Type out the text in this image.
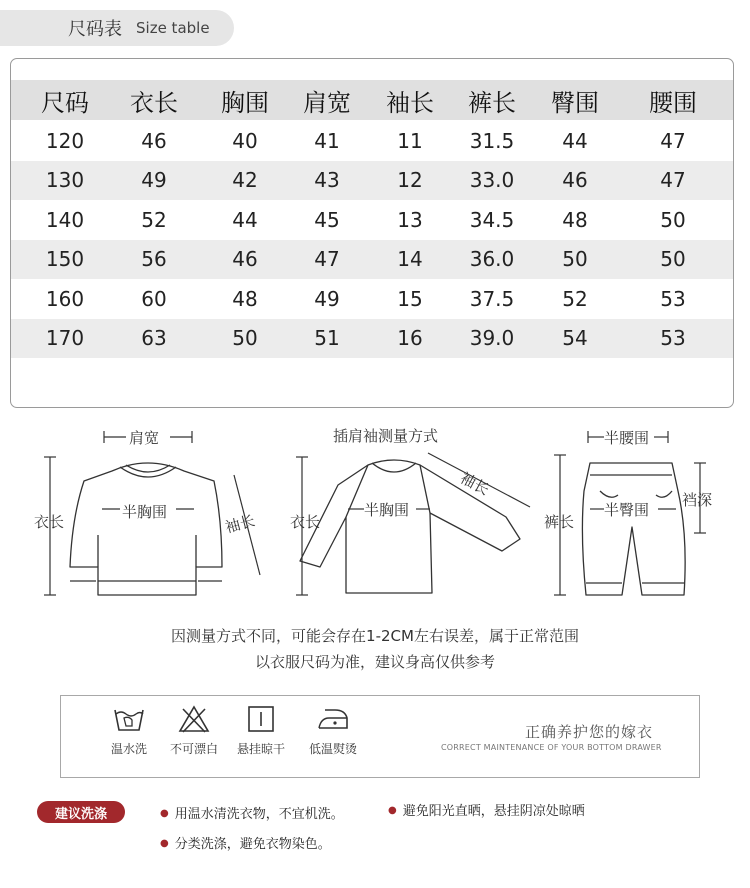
尺码表 Size table
尺码	衣长	胸围	肩宽	袖长	裤长	臀围	腰围
120	46	40	41	11	31.5	44	47
130	49	42	43	12	33.0	46	47
140	52	44	45	13	34.5	48	50
150	56	46	47	14	36.0	50	50
160	60	48	49	15	37.5	52	53
170	63	50	51	16	39.0	54	53
肩宽
半胸围
衣长	袖长
插肩袖测量方式
袖长
半胸围
衣长
半腰围
半臀围
裤长
裆深
因测量方式不同，可能会存在1-2CM左右误差，属于正常范围
以衣服尺码为准，建议身高仅供参考
温水洗	不可漂白	悬挂晾干	低温熨烫
正确养护您的嫁衣
CORRECT MAINTENANCE OF YOUR BOTTOM DRAWER
建议洗涤	● 用温水清洗衣物，不宜机洗。	● 避免阳光直晒，悬挂阴凉处晾晒
● 分类洗涤，避免衣物染色。
